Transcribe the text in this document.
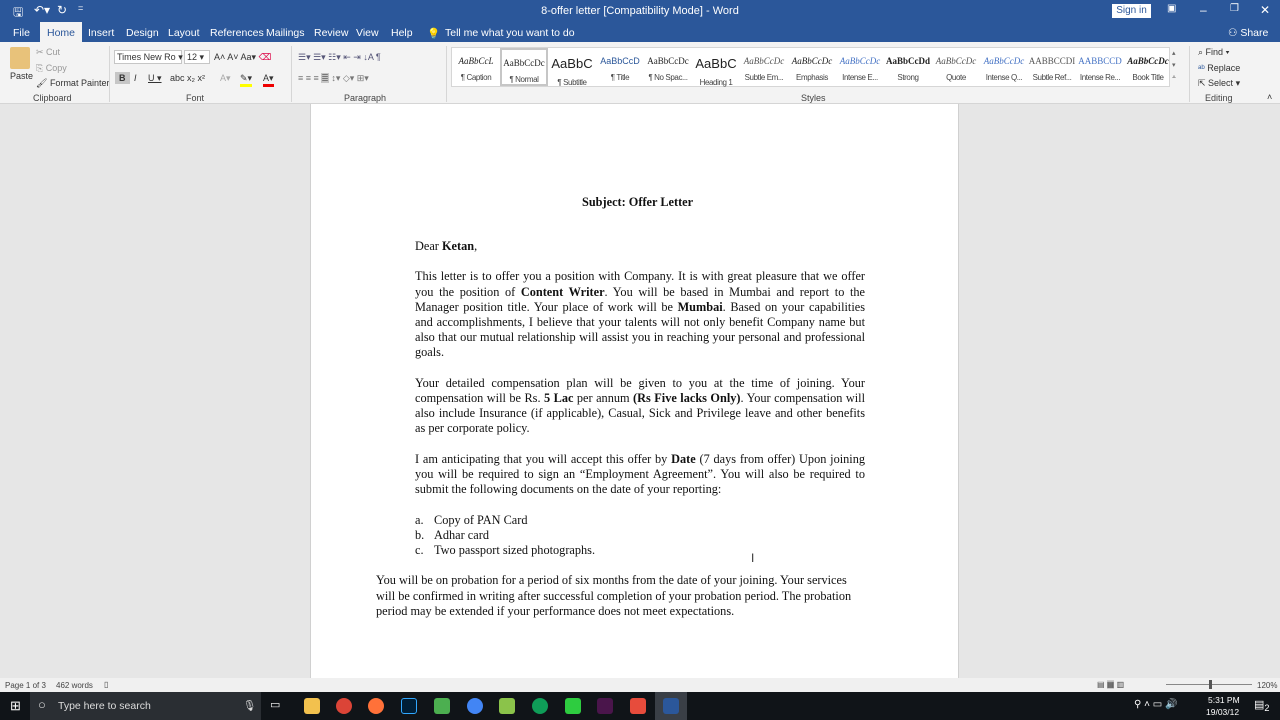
🖫 ↶▾ ↻ =	8-offer letter [Compatibility Mode] - Word	Sign in	▣ – ❐ ✕
File	Home	Insert Design Layout References Mailings Review View Help 💡 Tell me what you want to do	⚇ Share
Paste
✂ Cut
⎘ Copy
🖌 Format Painter
Clipboard
Times New Ro ▾ 12 ▾	A˄ A˅ Aa▾ ⌫
B I U ▾ abc x₂ x² A▾ ✎▾ A▾
Font
☰▾ ☰▾ ☷▾ ⇤ ⇥ ↓A ¶
≡ ≡ ≡ ≣ ↕▾ ◇▾ ⊞▾
Paragraph
AaBbCcL
¶ Caption
AaBbCcDc
¶ Normal
AaBbC
¶ Subtitle
AaBbCcD
¶ Title
AaBbCcDc
¶ No Spac...
AaBbC
Heading 1
AaBbCcDc
Subtle Em...
AaBbCcDc
Emphasis
AaBbCcDc
Intense E...
AaBbCcDd
Strong
AaBbCcDc
Quote
AaBbCcDc
Intense Q...
AABBCCDI
Subtle Ref...
AABBCCD
Intense Re...
AaBbCcDc
Book Title
▴
▾
⩡
Styles
⌕ Find ▾
ᵃᵇ Replace
⇱ Select ▾
Editing	˄
Subject: Offer Letter
Dear Ketan,
This letter is to offer you a position with Company. It is with great pleasure that we offer you the position of Content Writer. You will be based in Mumbai and report to the Manager position title. Your place of work will be Mumbai. Based on your capabilities and accomplishments, I believe that your talents will not only benefit Company name but also that our mutual relationship will assist you in reaching your personal and professional goals.
Your detailed compensation plan will be given to you at the time of joining. Your compensation will be Rs. 5 Lac per annum (Rs Five lacks Only). Your compensation will also include Insurance (if applicable), Casual, Sick and Privilege leave and other benefits as per corporate policy.
I am anticipating that you will accept this offer by Date (7 days from offer) Upon joining you will be required to sign an “Employment Agreement”. You will also be required to submit the following documents on the date of your reporting:
a. Copy of PAN Card
b. Adhar card
c. Two passport sized photographs.
You will be on probation for a period of six months from the date of your joining. Your services will be confirmed in writing after successful completion of your probation period. The probation period may be extended if your performance does not meet expectations.
I
Page 1 of 3 462 words ▯	▤ ▦ ▥	120%
⊞ ○ Type here to search	🎙 ▭	⚲ ˄ ▭ 🔊	5:31 PM
19/03/12
$▤_2$
